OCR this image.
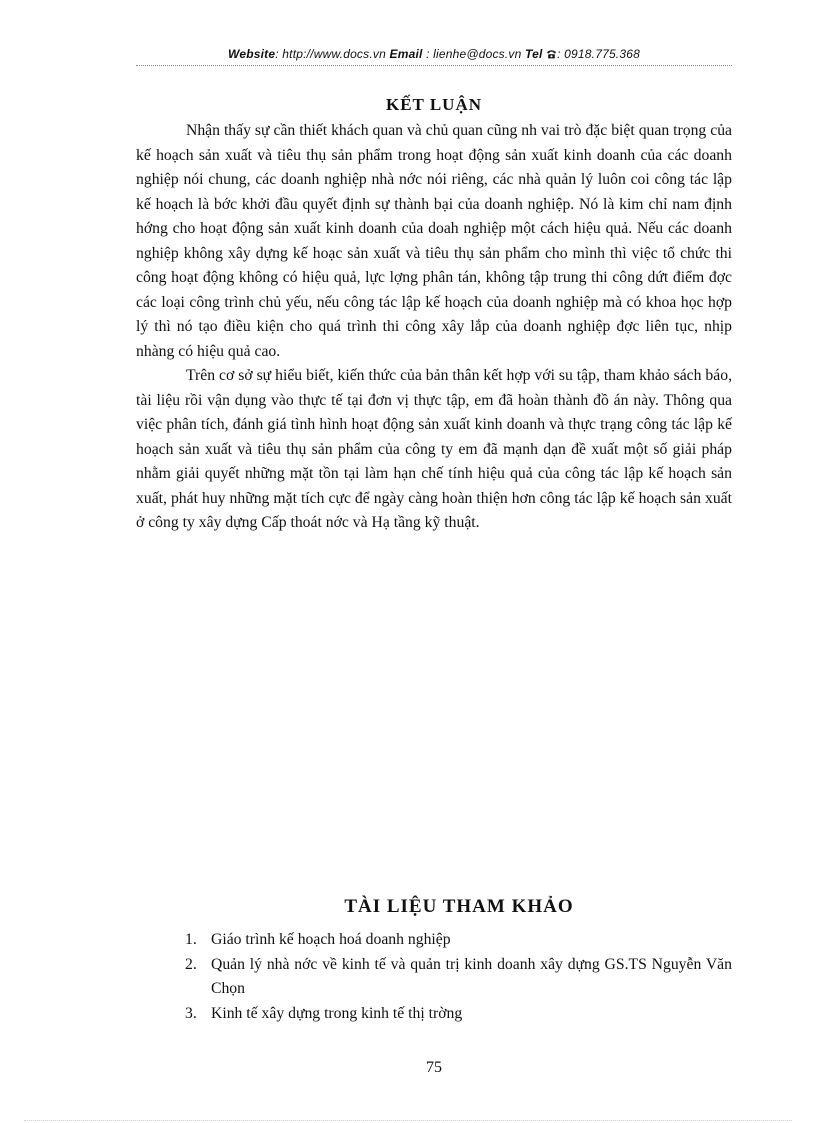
Website: http://www.docs.vn Email : lienhe@docs.vn Tel : 0918.775.368
KẾT LUẬN

Nhận thấy sự cần thiết khách quan và chủ quan cũng nh vai trò đặc biệt quan trọng của kế hoạch sản xuất và tiêu thụ sản phẩm trong hoạt động sản xuất kinh doanh của các doanh nghiệp nói chung, các doanh nghiệp nhà nớc nói riêng, các nhà quản lý luôn coi công tác lập kế hoạch là bớc khởi đầu quyết định sự thành bại của doanh nghiệp. Nó là kim chỉ nam định hớng cho hoạt động sản xuất kinh doanh của doah nghiệp một cách hiệu quả. Nếu các doanh nghiệp không xây dựng kế hoạc sản xuất và tiêu thụ sản phẩm cho mình thì việc tổ chức thi công hoạt động không có hiệu quả, lực lợng phân tán, không tập trung thi công dứt điểm đợc các loại công trình chủ yếu, nếu công tác lập kế hoạch của doanh nghiệp mà có khoa học hợp lý thì nó tạo điều kiện cho quá trình thi công xây lắp của doanh nghiệp đợc liên tục, nhịp nhàng có hiệu quả cao.

Trên cơ sở sự hiểu biết, kiến thức của bản thân kết hợp với su tập, tham khảo sách báo, tài liệu rồi vận dụng vào thực tế tại đơn vị thực tập, em đã hoàn thành đồ án này. Thông qua việc phân tích, đánh giá tình hình hoạt động sản xuất kinh doanh và thực trạng công tác lập kế hoạch sản xuất và tiêu thụ sản phẩm của công ty em đã mạnh dạn đề xuất một số giải pháp nhằm giải quyết những mặt tồn tại làm hạn chế tính hiệu quả của công tác lập kế hoạch sản xuất, phát huy những mặt tích cực để ngày càng hoàn thiện hơn công tác lập kế hoạch sản xuất ở công ty xây dựng Cấp thoát nớc và Hạ tầng kỹ thuật.

TÀI LIỆU THAM KHẢO
1. Giáo trình kế hoạch hoá doanh nghiệp
2. Quản lý nhà nớc về kinh tế và quản trị kinh doanh xây dựng GS.TS Nguyễn Văn Chọn
3. Kinh tế xây dựng trong kinh tế thị trờng
75
